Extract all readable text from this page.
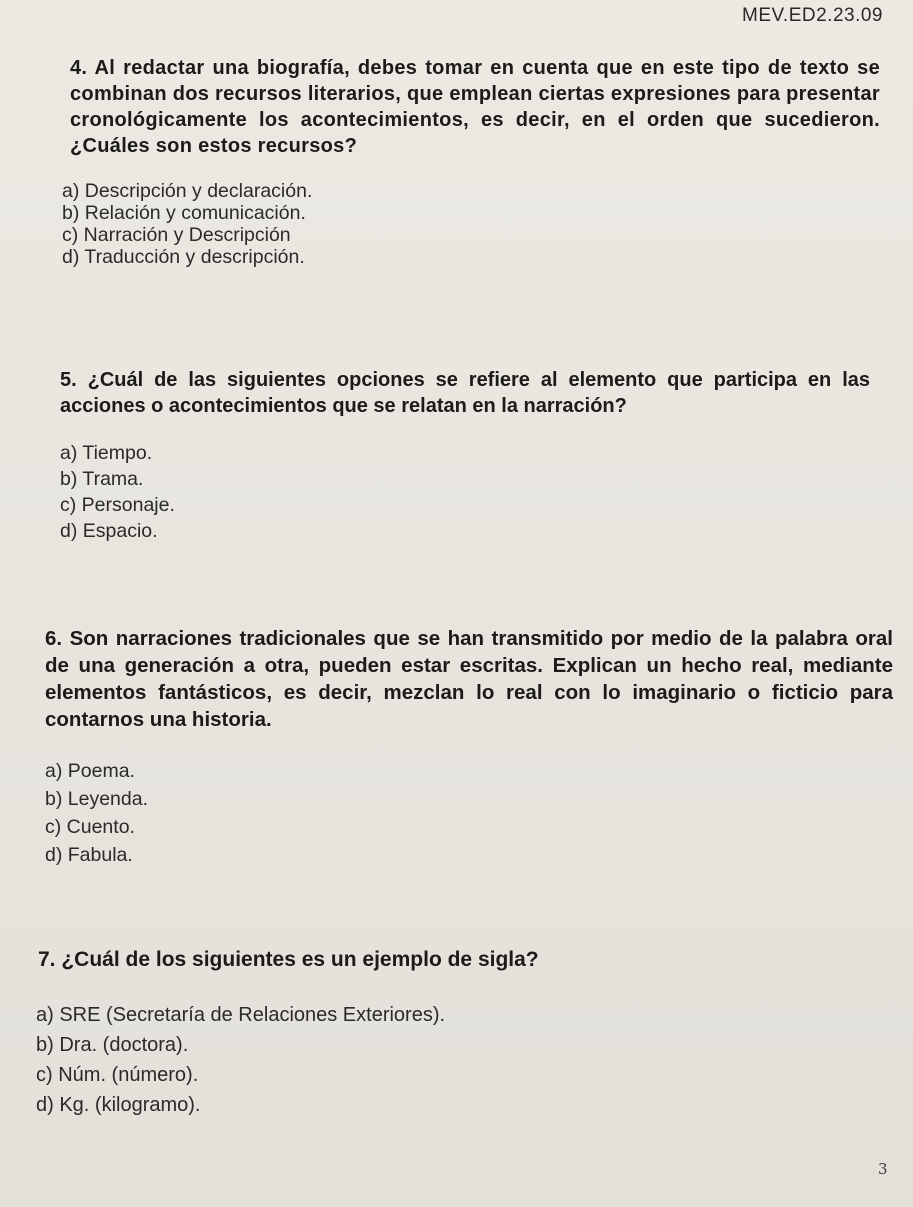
MEV.ED2.23.09
4. Al redactar una biografía, debes tomar en cuenta que en este tipo de texto se combinan dos recursos literarios, que emplean ciertas expresiones para presentar cronológicamente los acontecimientos, es decir, en el orden que sucedieron. ¿Cuáles son estos recursos?
a) Descripción y declaración.
b) Relación y comunicación.
c) Narración y Descripción
d) Traducción y descripción.
5. ¿Cuál de las siguientes opciones se refiere al elemento que participa en las acciones o acontecimientos que se relatan en la narración?
a) Tiempo.
b) Trama.
c) Personaje.
d) Espacio.
6. Son narraciones tradicionales que se han transmitido por medio de la palabra oral de una generación a otra, pueden estar escritas. Explican un hecho real, mediante elementos fantásticos, es decir, mezclan lo real con lo imaginario o ficticio para contarnos una historia.
a) Poema.
b) Leyenda.
c) Cuento.
d) Fabula.
7. ¿Cuál de los siguientes es un ejemplo de sigla?
a) SRE (Secretaría de Relaciones Exteriores).
b) Dra. (doctora).
c) Núm. (número).
d) Kg. (kilogramo).
3
